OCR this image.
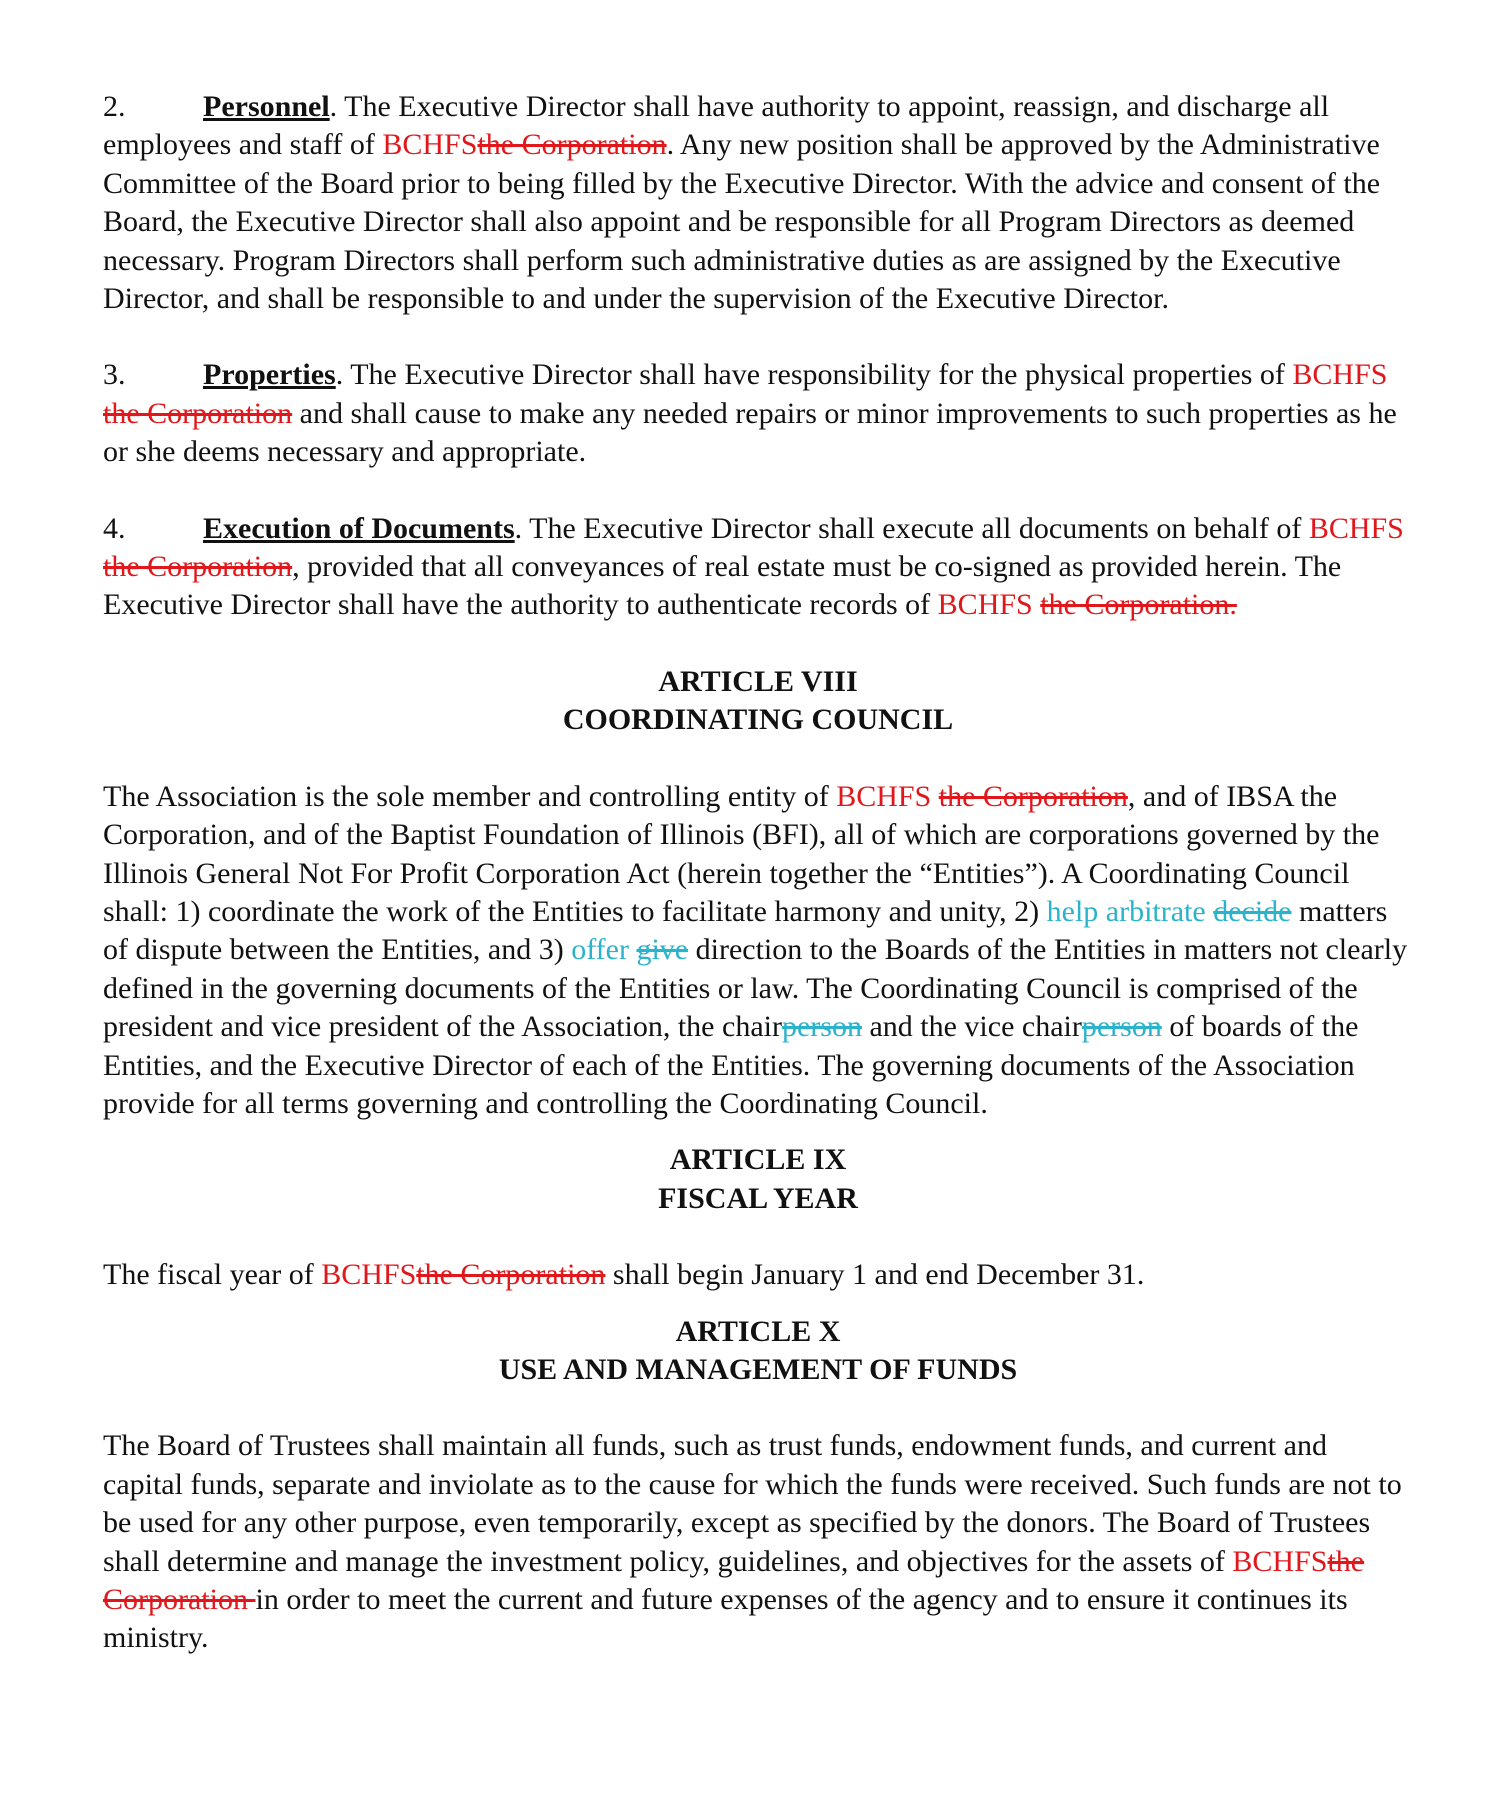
2.	Personnel. The Executive Director shall have authority to appoint, reassign, and discharge all employees and staff of BCHFSthe Corporation. Any new position shall be approved by the Administrative Committee of the Board prior to being filled by the Executive Director. With the advice and consent of the Board, the Executive Director shall also appoint and be responsible for all Program Directors as deemed necessary. Program Directors shall perform such administrative duties as are assigned by the Executive Director, and shall be responsible to and under the supervision of the Executive Director.

3.	Properties. The Executive Director shall have responsibility for the physical properties of BCHFS the Corporation and shall cause to make any needed repairs or minor improvements to such properties as he or she deems necessary and appropriate.

4.	Execution of Documents. The Executive Director shall execute all documents on behalf of BCHFS the Corporation, provided that all conveyances of real estate must be co-signed as provided herein. The Executive Director shall have the authority to authenticate records of BCHFS the Corporation.

ARTICLE VIII
COORDINATING COUNCIL

The Association is the sole member and controlling entity of BCHFS the Corporation, and of IBSA the Corporation, and of the Baptist Foundation of Illinois (BFI), all of which are corporations governed by the Illinois General Not For Profit Corporation Act (herein together the “Entities”). A Coordinating Council shall: 1) coordinate the work of the Entities to facilitate harmony and unity, 2) help arbitrate decide matters of dispute between the Entities, and 3) offer give direction to the Boards of the Entities in matters not clearly defined in the governing documents of the Entities or law. The Coordinating Council is comprised of the president and vice president of the Association, the chairperson and the vice chairperson of boards of the Entities, and the Executive Director of each of the Entities. The governing documents of the Association provide for all terms governing and controlling the Coordinating Council.

ARTICLE IX
FISCAL YEAR

The fiscal year of BCHFSthe Corporation shall begin January 1 and end December 31.

ARTICLE X
USE AND MANAGEMENT OF FUNDS

The Board of Trustees shall maintain all funds, such as trust funds, endowment funds, and current and capital funds, separate and inviolate as to the cause for which the funds were received. Such funds are not to be used for any other purpose, even temporarily, except as specified by the donors. The Board of Trustees shall determine and manage the investment policy, guidelines, and objectives for the assets of BCHFSthe Corporation in order to meet the current and future expenses of the agency and to ensure it continues its ministry.
